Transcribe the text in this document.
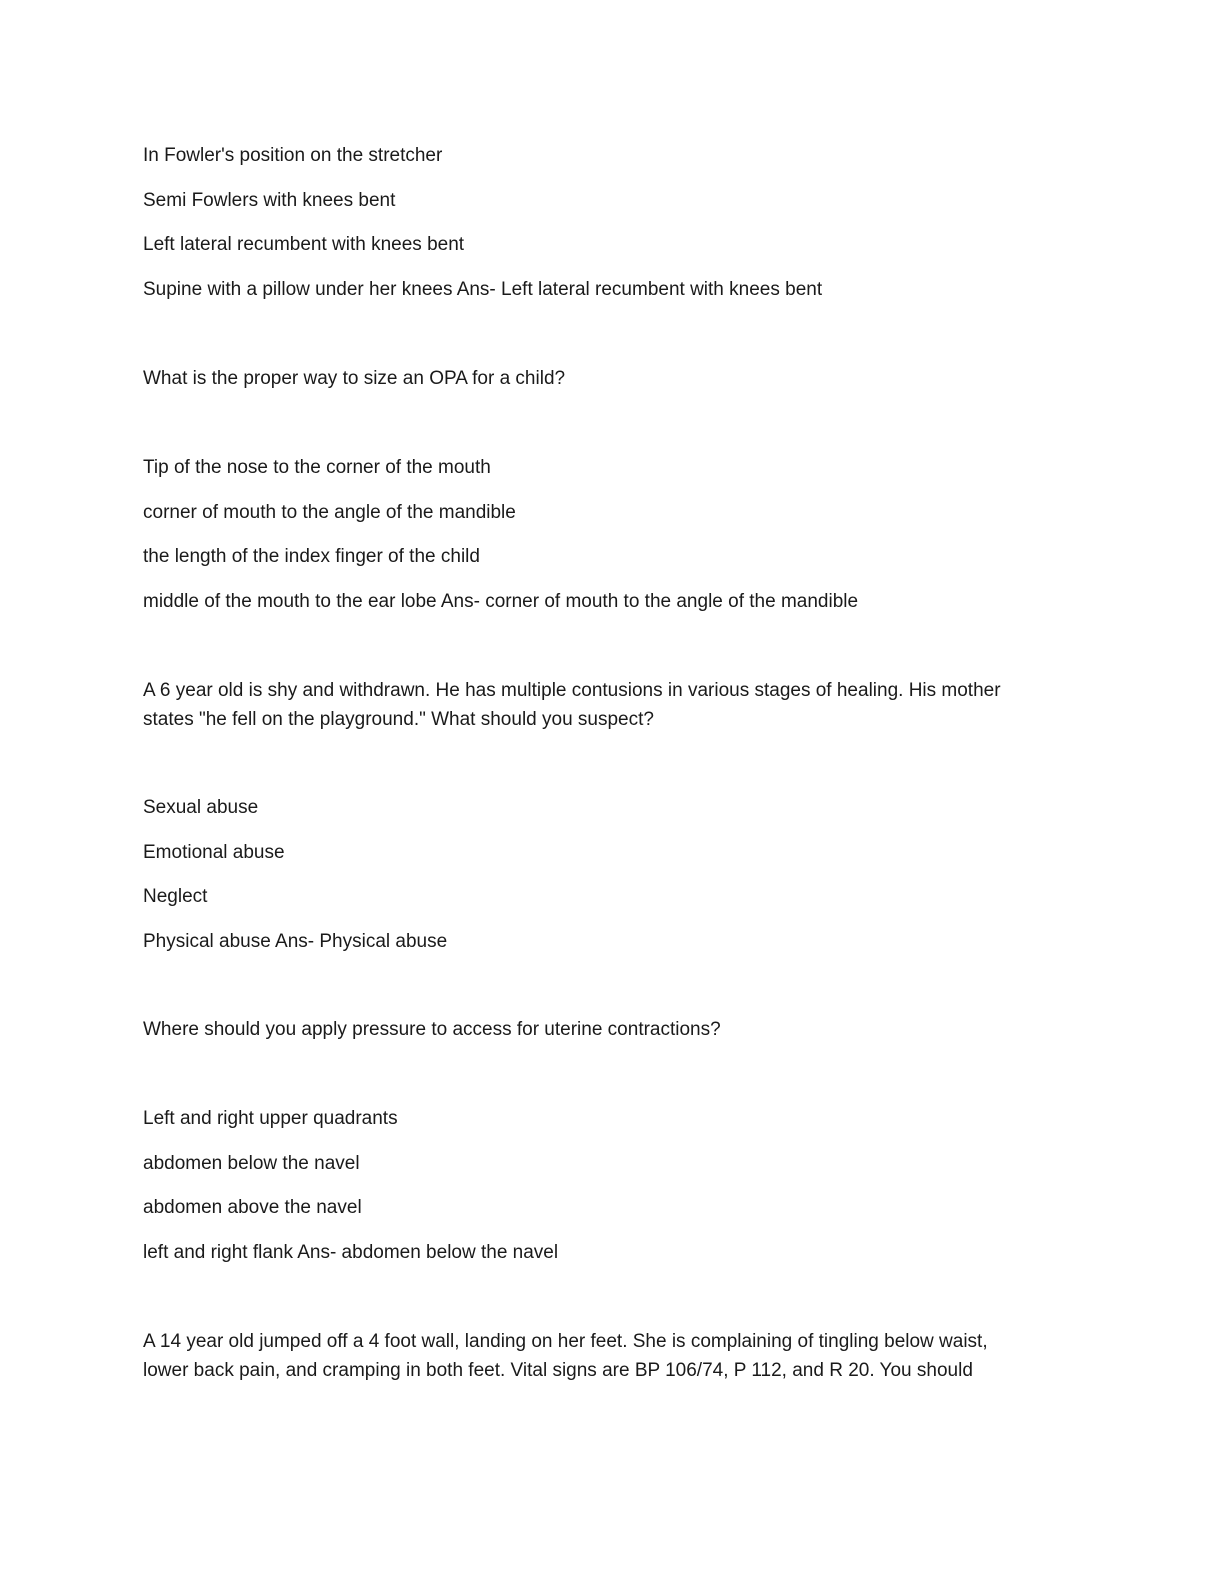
In Fowler's position on the stretcher
Semi Fowlers with knees bent
Left lateral recumbent with knees bent
Supine with a pillow under her knees Ans- Left lateral recumbent with knees bent
What is the proper way to size an OPA for a child?
Tip of the nose to the corner of the mouth
corner of mouth to the angle of the mandible
the length of the index finger of the child
middle of the mouth to the ear lobe Ans- corner of mouth to the angle of the mandible
A 6 year old is shy and withdrawn. He has multiple contusions in various stages of healing. His mother
states "he fell on the playground." What should you suspect?
Sexual abuse
Emotional abuse
Neglect
Physical abuse Ans- Physical abuse
Where should you apply pressure to access for uterine contractions?
Left and right upper quadrants
abdomen below the navel
abdomen above the navel
left and right flank Ans- abdomen below the navel
A 14 year old jumped off a 4 foot wall, landing on her feet. She is complaining of tingling below waist,
lower back pain, and cramping in both feet. Vital signs are BP 106/74, P 112, and R 20. You should
